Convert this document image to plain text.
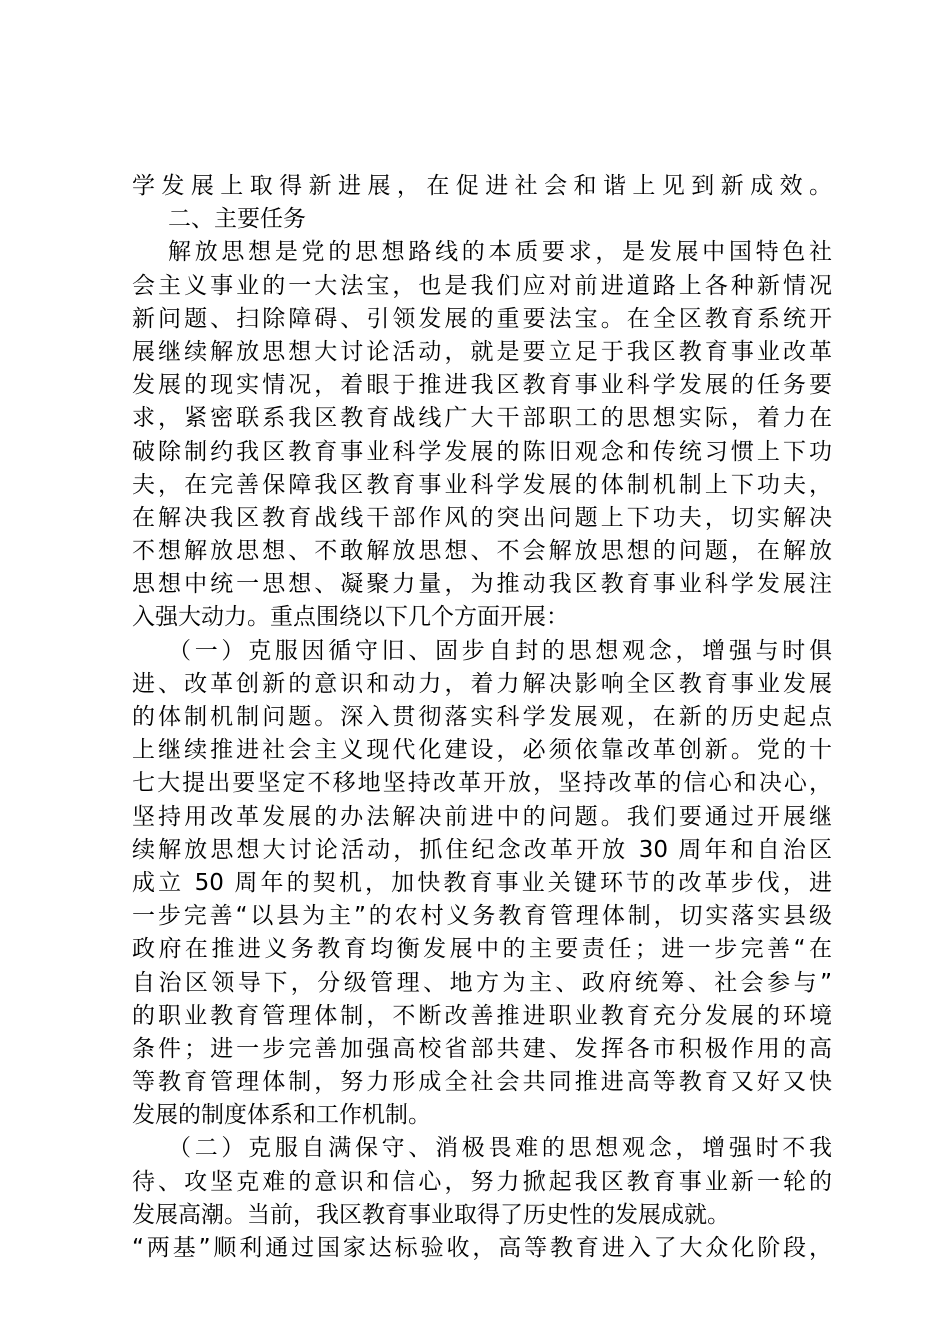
学发展上取得新进展，在促进社会和谐上见到新成效。
二、主要任务
解放思想是党的思想路线的本质要求，是发展中国特色社
会主义事业的一大法宝，也是我们应对前进道路上各种新情况
新问题、扫除障碍、引领发展的重要法宝。在全区教育系统开
展继续解放思想大讨论活动，就是要立足于我区教育事业改革
发展的现实情况，着眼于推进我区教育事业科学发展的任务要
求，紧密联系我区教育战线广大干部职工的思想实际，着力在
破除制约我区教育事业科学发展的陈旧观念和传统习惯上下功
夫，在完善保障我区教育事业科学发展的体制机制上下功夫，
在解决我区教育战线干部作风的突出问题上下功夫，切实解决
不想解放思想、不敢解放思想、不会解放思想的问题，在解放
思想中统一思想、凝聚力量，为推动我区教育事业科学发展注
入强大动力。重点围绕以下几个方面开展：
（一）克服因循守旧、固步自封的思想观念，增强与时俱
进、改革创新的意识和动力，着力解决影响全区教育事业发展
的体制机制问题。深入贯彻落实科学发展观，在新的历史起点
上继续推进社会主义现代化建设，必须依靠改革创新。党的十
七大提出要坚定不移地坚持改革开放，坚持改革的信心和决心，
坚持用改革发展的办法解决前进中的问题。我们要通过开展继
续解放思想大讨论活动，抓住纪念改革开放 30 周年和自治区
成立 50 周年的契机，加快教育事业关键环节的改革步伐，进
一步完善“以县为主”的农村义务教育管理体制，切实落实县级
政府在推进义务教育均衡发展中的主要责任；进一步完善“在
自治区领导下，分级管理、地方为主、政府统筹、社会参与”
的职业教育管理体制，不断改善推进职业教育充分发展的环境
条件；进一步完善加强高校省部共建、发挥各市积极作用的高
等教育管理体制，努力形成全社会共同推进高等教育又好又快
发展的制度体系和工作机制。
（二）克服自满保守、消极畏难的思想观念，增强时不我
待、攻坚克难的意识和信心，努力掀起我区教育事业新一轮的
发展高潮。当前，我区教育事业取得了历史性的发展成就。
“两基”顺利通过国家达标验收，高等教育进入了大众化阶段，
